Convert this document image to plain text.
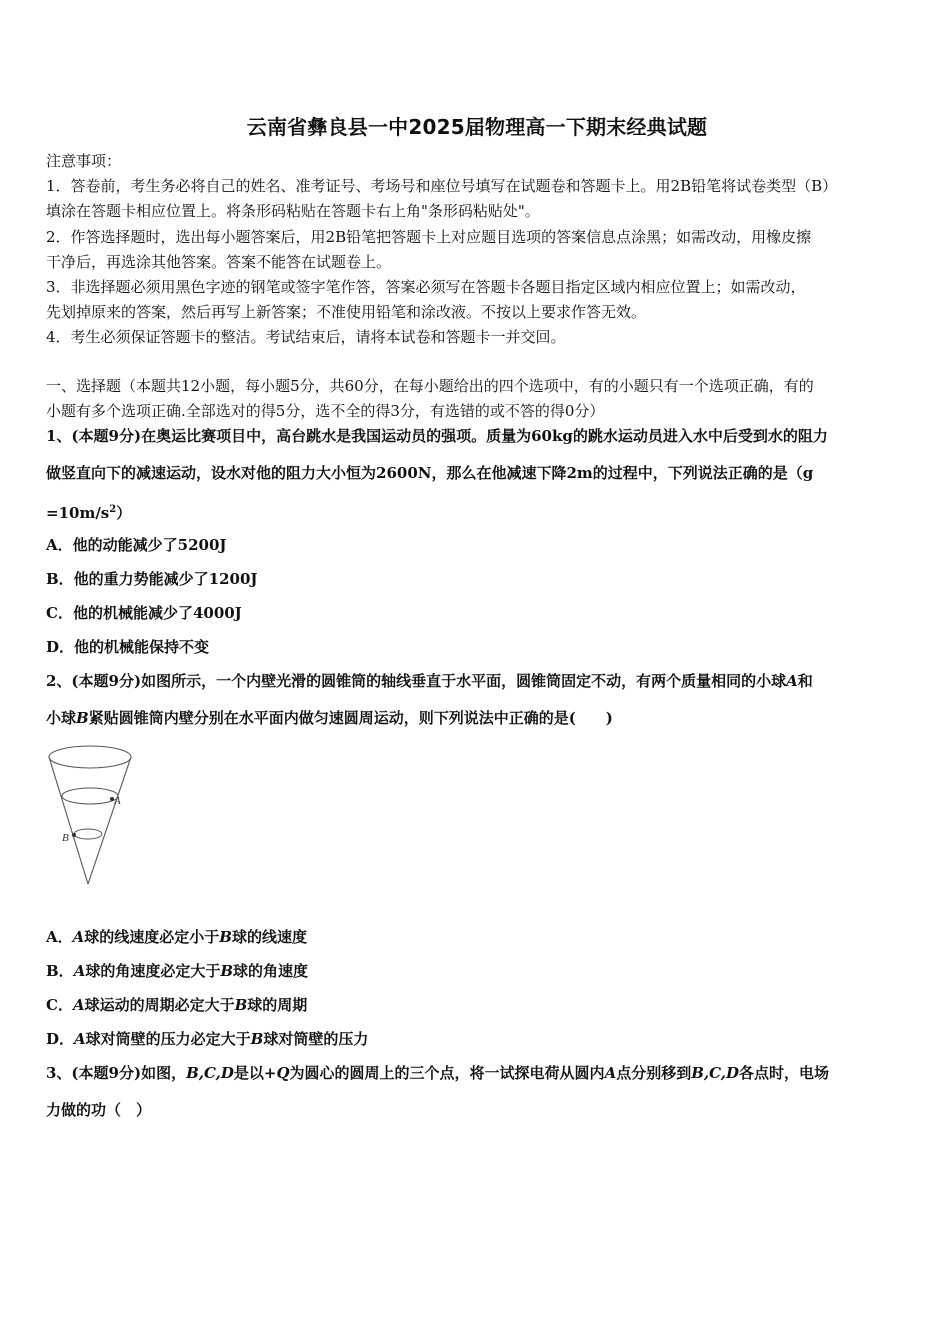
云南省彝良县一中2025届物理高一下期末经典试题
注意事项：
1．答卷前，考生务必将自己的姓名、准考证号、考场号和座位号填写在试题卷和答题卡上。用2B铅笔将试卷类型（B）
填涂在答题卡相应位置上。将条形码粘贴在答题卡右上角"条形码粘贴处"。
2．作答选择题时，选出每小题答案后，用2B铅笔把答题卡上对应题目选项的答案信息点涂黑；如需改动，用橡皮擦
干净后，再选涂其他答案。答案不能答在试题卷上。
3．非选择题必须用黑色字迹的钢笔或签字笔作答，答案必须写在答题卡各题目指定区域内相应位置上；如需改动，
先划掉原来的答案，然后再写上新答案；不准使用铅笔和涂改液。不按以上要求作答无效。
4．考生必须保证答题卡的整洁。考试结束后，请将本试卷和答题卡一并交回。
一、选择题（本题共12小题，每小题5分，共60分，在每小题给出的四个选项中，有的小题只有一个选项正确，有的
小题有多个选项正确.全部选对的得5分，选不全的得3分，有选错的或不答的得0分）
1、(本题9分)在奥运比赛项目中，高台跳水是我国运动员的强项。质量为60kg的跳水运动员进入水中后受到水的阻力
做竖直向下的减速运动，设水对他的阻力大小恒为2600N，那么在他减速下降2m的过程中，下列说法正确的是（g
$=10m/s^2$）
A．他的动能减少了5200J
B．他的重力势能减少了1200J
C．他的机械能减少了4000J
D．他的机械能保持不变
2、(本题9分)如图所示，一个内壁光滑的圆锥筒的轴线垂直于水平面，圆锥筒固定不动，有两个质量相同的小球A和
小球B紧贴圆锥筒内壁分别在水平面内做匀速圆周运动，则下列说法中正确的是(　　)
A．A球的线速度必定小于B球的线速度
B．A球的角速度必定大于B球的角速度
C．A球运动的周期必定大于B球的周期
D．A球对筒壁的压力必定大于B球对筒壁的压力
3、(本题9分)如图，B,C,D是以+Q为圆心的圆周上的三个点，将一试探电荷从圆内A点分别移到B,C,D各点时，电场
力做的功（　）
A
B
